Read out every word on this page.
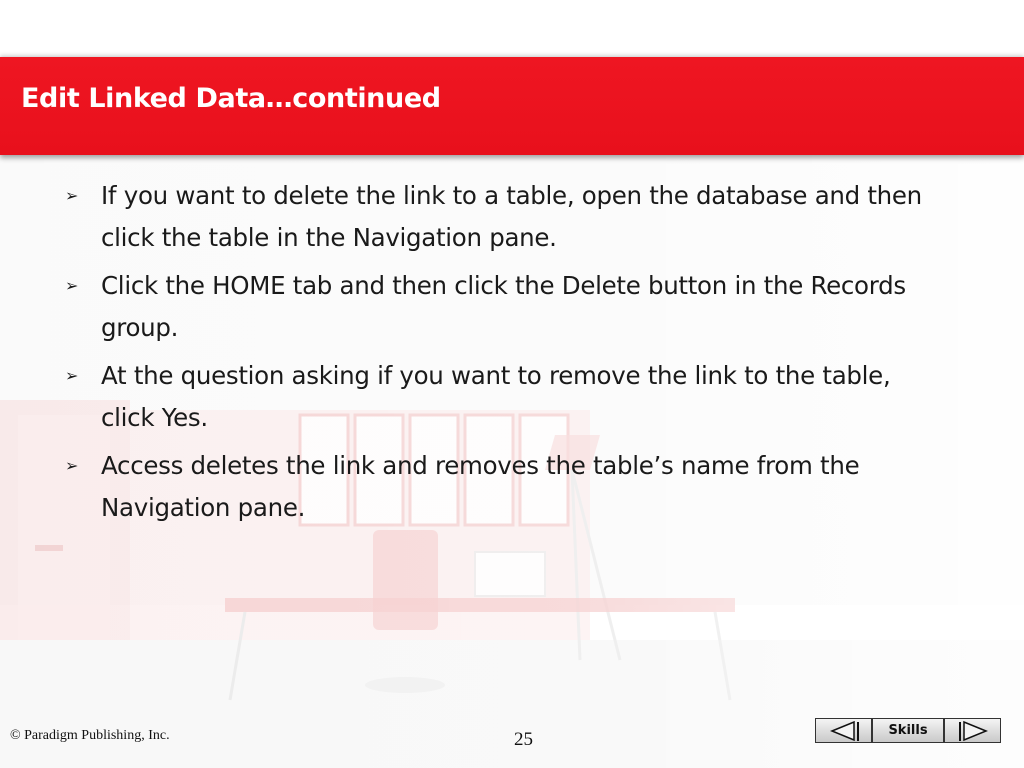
Edit Linked Data…continued
➢ If you want to delete the link to a table, open the database and then click the table in the Navigation pane.
➢ Click the HOME tab and then click the Delete button in the Records group.
➢ At the question asking if you want to remove the link to the table, click Yes.
➢ Access deletes the link and removes the table’s name from the Navigation pane.
© Paradigm Publishing, Inc.	25	Skills
